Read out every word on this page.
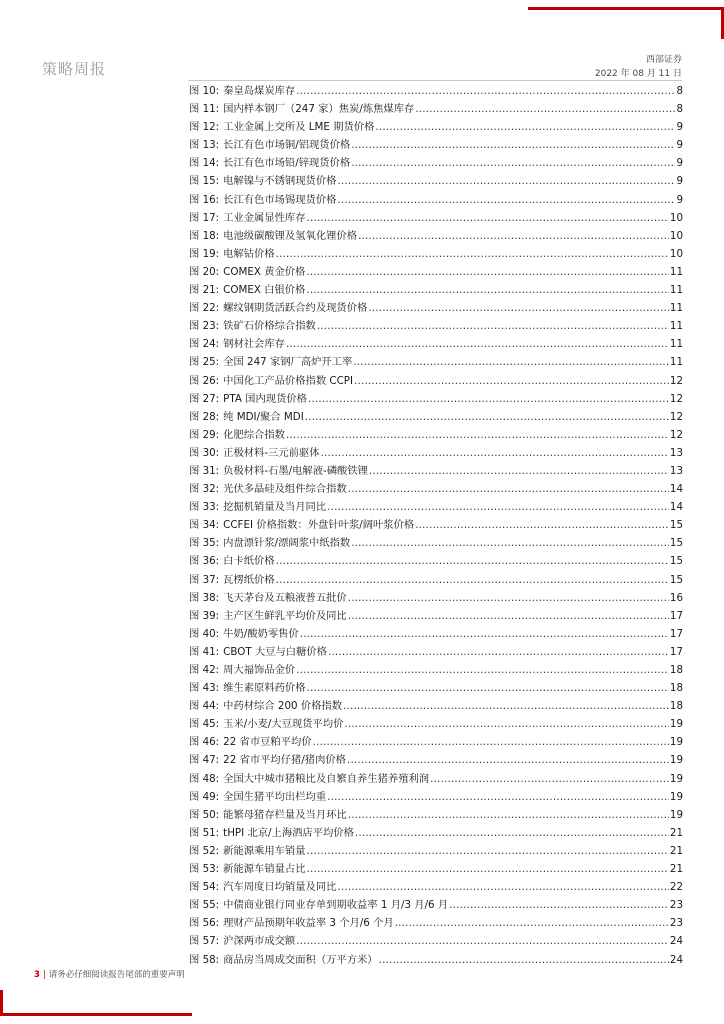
策略周报	西部证券
2022 年 08 月 11 日
图 10: 秦皇岛煤炭库存 .....	8
图 11: 国内样本钢厂（247 家）焦炭/炼焦煤库存 .....	8
图 12: 工业金属上交所及 LME 期货价格 .....	9
图 13: 长江有色市场铜/铝现货价格 .....	9
图 14: 长江有色市场铅/锌现货价格 .....	9
图 15: 电解镍与不锈钢现货价格 .....	9
图 16: 长江有色市场锡现货价格 .....	9
图 17: 工业金属显性库存 .....	10
图 18: 电池级碳酸锂及氢氧化锂价格 .....	10
图 19: 电解钴价格 .....	10
图 20: COMEX 黄金价格 .....	11
图 21: COMEX 白银价格 .....	11
图 22: 螺纹钢期货活跃合约及现货价格 .....	11
图 23: 铁矿石价格综合指数 .....	11
图 24: 钢材社会库存 .....	11
图 25: 全国 247 家钢厂高炉开工率 .....	11
图 26: 中国化工产品价格指数 CCPI .....	12
图 27: PTA 国内现货价格 .....	12
图 28: 纯 MDI/聚合 MDI .....	12
图 29: 化肥综合指数 .....	12
图 30: 正极材料-三元前驱体 .....	13
图 31: 负极材料-石墨/电解液-磷酸铁锂 .....	13
图 32: 光伏多晶硅及组件综合指数 .....	14
图 33: 挖掘机销量及当月同比 .....	14
图 34: CCFEI 价格指数：外盘针叶浆/阔叶浆价格 .....	15
图 35: 内盘漂针浆/漂阔浆中纸指数 .....	15
图 36: 白卡纸价格 .....	15
图 37: 瓦楞纸价格 .....	15
图 38: 飞天茅台及五粮液普五批价 .....	16
图 39: 主产区生鲜乳平均价及同比 .....	17
图 40: 牛奶/酸奶零售价 .....	17
图 41: CBOT 大豆与白糖价格 .....	17
图 42: 周大福饰品金价 .....	18
图 43: 维生素原料药价格 .....	18
图 44: 中药材综合 200 价格指数 .....	18
图 45: 玉米/小麦/大豆现货平均价 .....	19
图 46: 22 省市豆粕平均价 .....	19
图 47: 22 省市平均仔猪/猪肉价格 .....	19
图 48: 全国大中城市猪粮比及自繁自养生猪养殖利润 .....	19
图 49: 全国生猪平均出栏均重 .....	19
图 50: 能繁母猪存栏量及当月环比 .....	19
图 51: tHPI 北京/上海酒店平均价格 .....	21
图 52: 新能源乘用车销量 .....	21
图 53: 新能源车销量占比 .....	21
图 54: 汽车周度日均销量及同比 .....	22
图 55: 中债商业银行同业存单到期收益率 1 月/3 月/6 月 .....	23
图 56: 理财产品预期年收益率 3 个月/6 个月 .....	23
图 57: 沪深两市成交额 .....	24
图 58: 商品房当周成交面积（万平方米） .....	24
3 | 请务必仔细阅读报告尾部的重要声明
